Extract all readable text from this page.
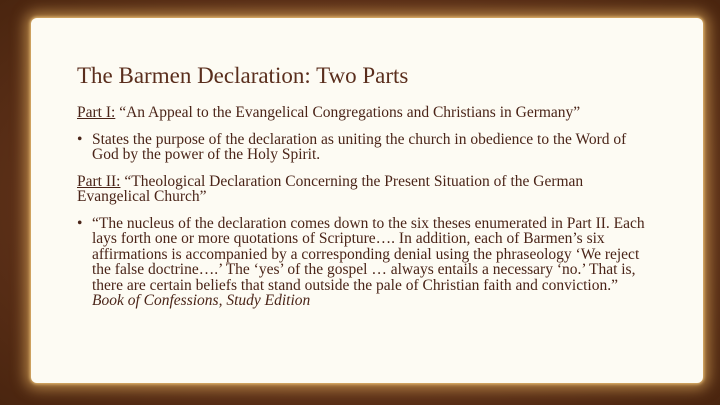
The Barmen Declaration: Two Parts

Part I: “An Appeal to the Evangelical Congregations and Christians in Germany”

• States the purpose of the declaration as uniting the church in obedience to the Word of God by the power of the Holy Spirit.

Part II: “Theological Declaration Concerning the Present Situation of the German Evangelical Church”

• “The nucleus of the declaration comes down to the six theses enumerated in Part II. Each lays forth one or more quotations of Scripture…. In addition, each of Barmen’s six affirmations is accompanied by a corresponding denial using the phraseology ‘We reject the false doctrine….’ The ‘yes’ of the gospel … always entails a necessary ‘no.’ That is, there are certain beliefs that stand outside the pale of Christian faith and conviction.” Book of Confessions, Study Edition
